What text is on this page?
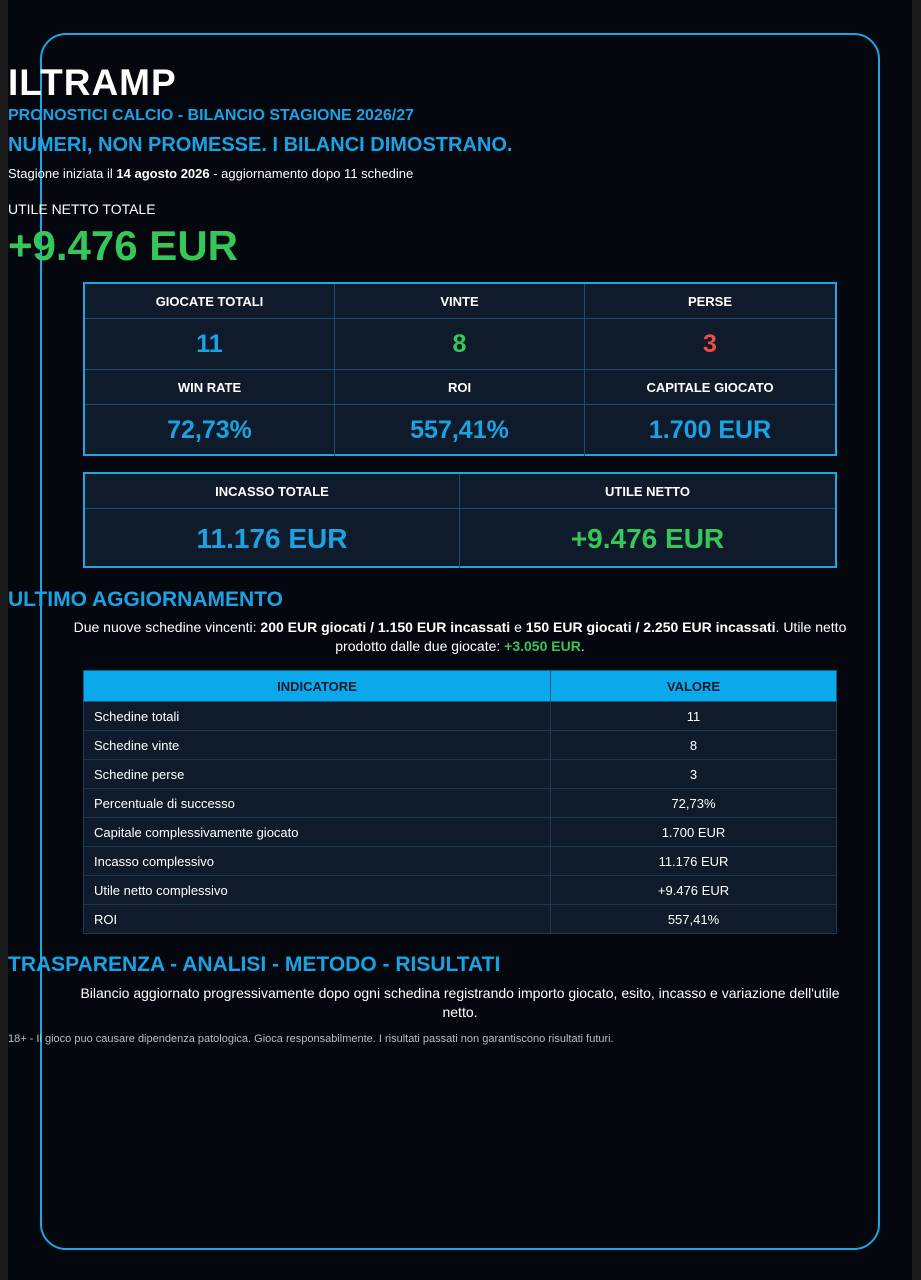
ILTRAMP
PRONOSTICI CALCIO - BILANCIO STAGIONE 2026/27
NUMERI, NON PROMESSE. I BILANCI DIMOSTRANO.
Stagione iniziata il 14 agosto 2026 - aggiornamento dopo 11 schedine
UTILE NETTO TOTALE
+9.476 EUR
GIOCATE TOTALI	VINTE	PERSE
11	8	3
WIN RATE	ROI	CAPITALE GIOCATO
72,73%	557,41%	1.700 EUR
INCASSO TOTALE	UTILE NETTO
11.176 EUR	+9.476 EUR
ULTIMO AGGIORNAMENTO
Due nuove schedine vincenti: 200 EUR giocati / 1.150 EUR incassati e 150 EUR giocati / 2.250 EUR incassati. Utile netto prodotto dalle due giocate: +3.050 EUR.
INDICATORE	VALORE
Schedine totali	11
Schedine vinte	8
Schedine perse	3
Percentuale di successo	72,73%
Capitale complessivamente giocato	1.700 EUR
Incasso complessivo	11.176 EUR
Utile netto complessivo	+9.476 EUR
ROI	557,41%
TRASPARENZA - ANALISI - METODO - RISULTATI
Bilancio aggiornato progressivamente dopo ogni schedina registrando importo giocato, esito, incasso e variazione dell'utile netto.
18+ - Il gioco puo causare dipendenza patologica. Gioca responsabilmente. I risultati passati non garantiscono risultati futuri.
